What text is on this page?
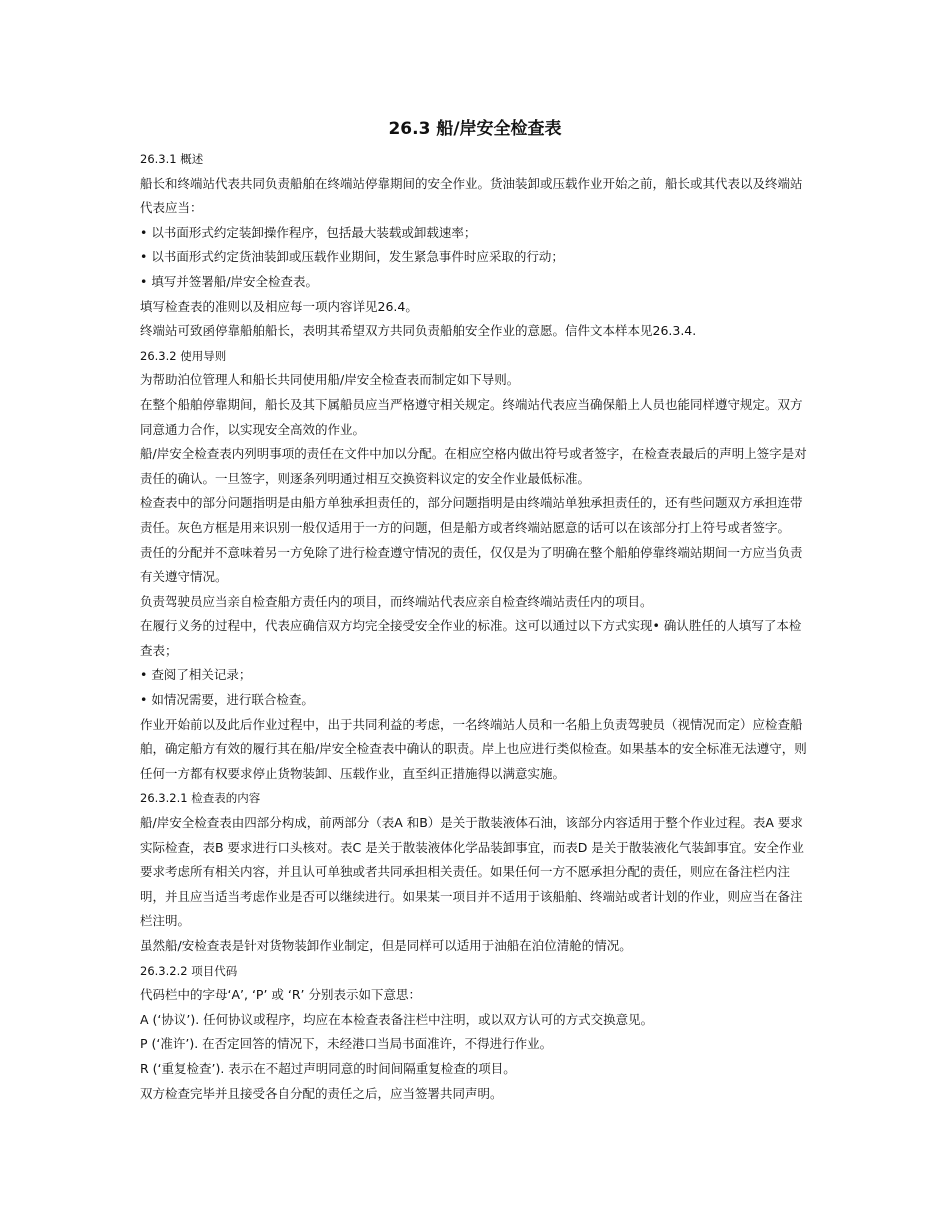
26.3 船/岸安全检查表

26.3.1 概述

船长和终端站代表共同负责船舶在终端站停靠期间的安全作业。货油装卸或压载作业开始之前，船长或其代表以及终端站代表应当：

• 以书面形式约定装卸操作程序，包括最大装载或卸载速率；

• 以书面形式约定货油装卸或压载作业期间，发生紧急事件时应采取的行动；

• 填写并签署船/岸安全检查表。

填写检查表的准则以及相应每一项内容详见26.4。

终端站可致函停靠船舶船长，表明其希望双方共同负责船舶安全作业的意愿。信件文本样本见26.3.4.

26.3.2 使用导则

为帮助泊位管理人和船长共同使用船/岸安全检查表而制定如下导则。

在整个船舶停靠期间，船长及其下属船员应当严格遵守相关规定。终端站代表应当确保船上人员也能同样遵守规定。双方同意通力合作，以实现安全高效的作业。

船/岸安全检查表内列明事项的责任在文件中加以分配。在相应空格内做出符号或者签字，在检查表最后的声明上签字是对责任的确认。一旦签字，则逐条列明通过相互交换资料议定的安全作业最低标准。

检查表中的部分问题指明是由船方单独承担责任的，部分问题指明是由终端站单独承担责任的，还有些问题双方承担连带责任。灰色方框是用来识别一般仅适用于一方的问题，但是船方或者终端站愿意的话可以在该部分打上符号或者签字。

责任的分配并不意味着另一方免除了进行检查遵守情况的责任，仅仅是为了明确在整个船舶停靠终端站期间一方应当负责有关遵守情况。

负责驾驶员应当亲自检查船方责任内的项目，而终端站代表应亲自检查终端站责任内的项目。

在履行义务的过程中，代表应确信双方均完全接受安全作业的标准。这可以通过以下方式实现• 确认胜任的人填写了本检查表；

• 查阅了相关记录；

• 如情况需要，进行联合检查。

作业开始前以及此后作业过程中，出于共同利益的考虑，一名终端站人员和一名船上负责驾驶员（视情况而定）应检查船舶，确定船方有效的履行其在船/岸安全检查表中确认的职责。岸上也应进行类似检查。如果基本的安全标准无法遵守，则任何一方都有权要求停止货物装卸、压载作业，直至纠正措施得以满意实施。

26.3.2.1 检查表的内容

船/岸安全检查表由四部分构成，前两部分（表A 和B）是关于散装液体石油，该部分内容适用于整个作业过程。表A 要求实际检查，表B 要求进行口头核对。表C 是关于散装液体化学品装卸事宜，而表D 是关于散装液化气装卸事宜。安全作业要求考虑所有相关内容，并且认可单独或者共同承担相关责任。如果任何一方不愿承担分配的责任，则应在备注栏内注明，并且应当适当考虑作业是否可以继续进行。如果某一项目并不适用于该船舶、终端站或者计划的作业，则应当在备注栏注明。

虽然船/安检查表是针对货物装卸作业制定，但是同样可以适用于油船在泊位清舱的情况。

26.3.2.2 项目代码

代码栏中的字母‘A’, ‘P’ 或 ‘R’ 分别表示如下意思：

A (‘协议’). 任何协议或程序，均应在本检查表备注栏中注明，或以双方认可的方式交换意见。

P (‘准许’). 在否定回答的情况下，未经港口当局书面准许，不得进行作业。

R (‘重复检查’). 表示在不超过声明同意的时间间隔重复检查的项目。

双方检查完毕并且接受各自分配的责任之后，应当签署共同声明。
